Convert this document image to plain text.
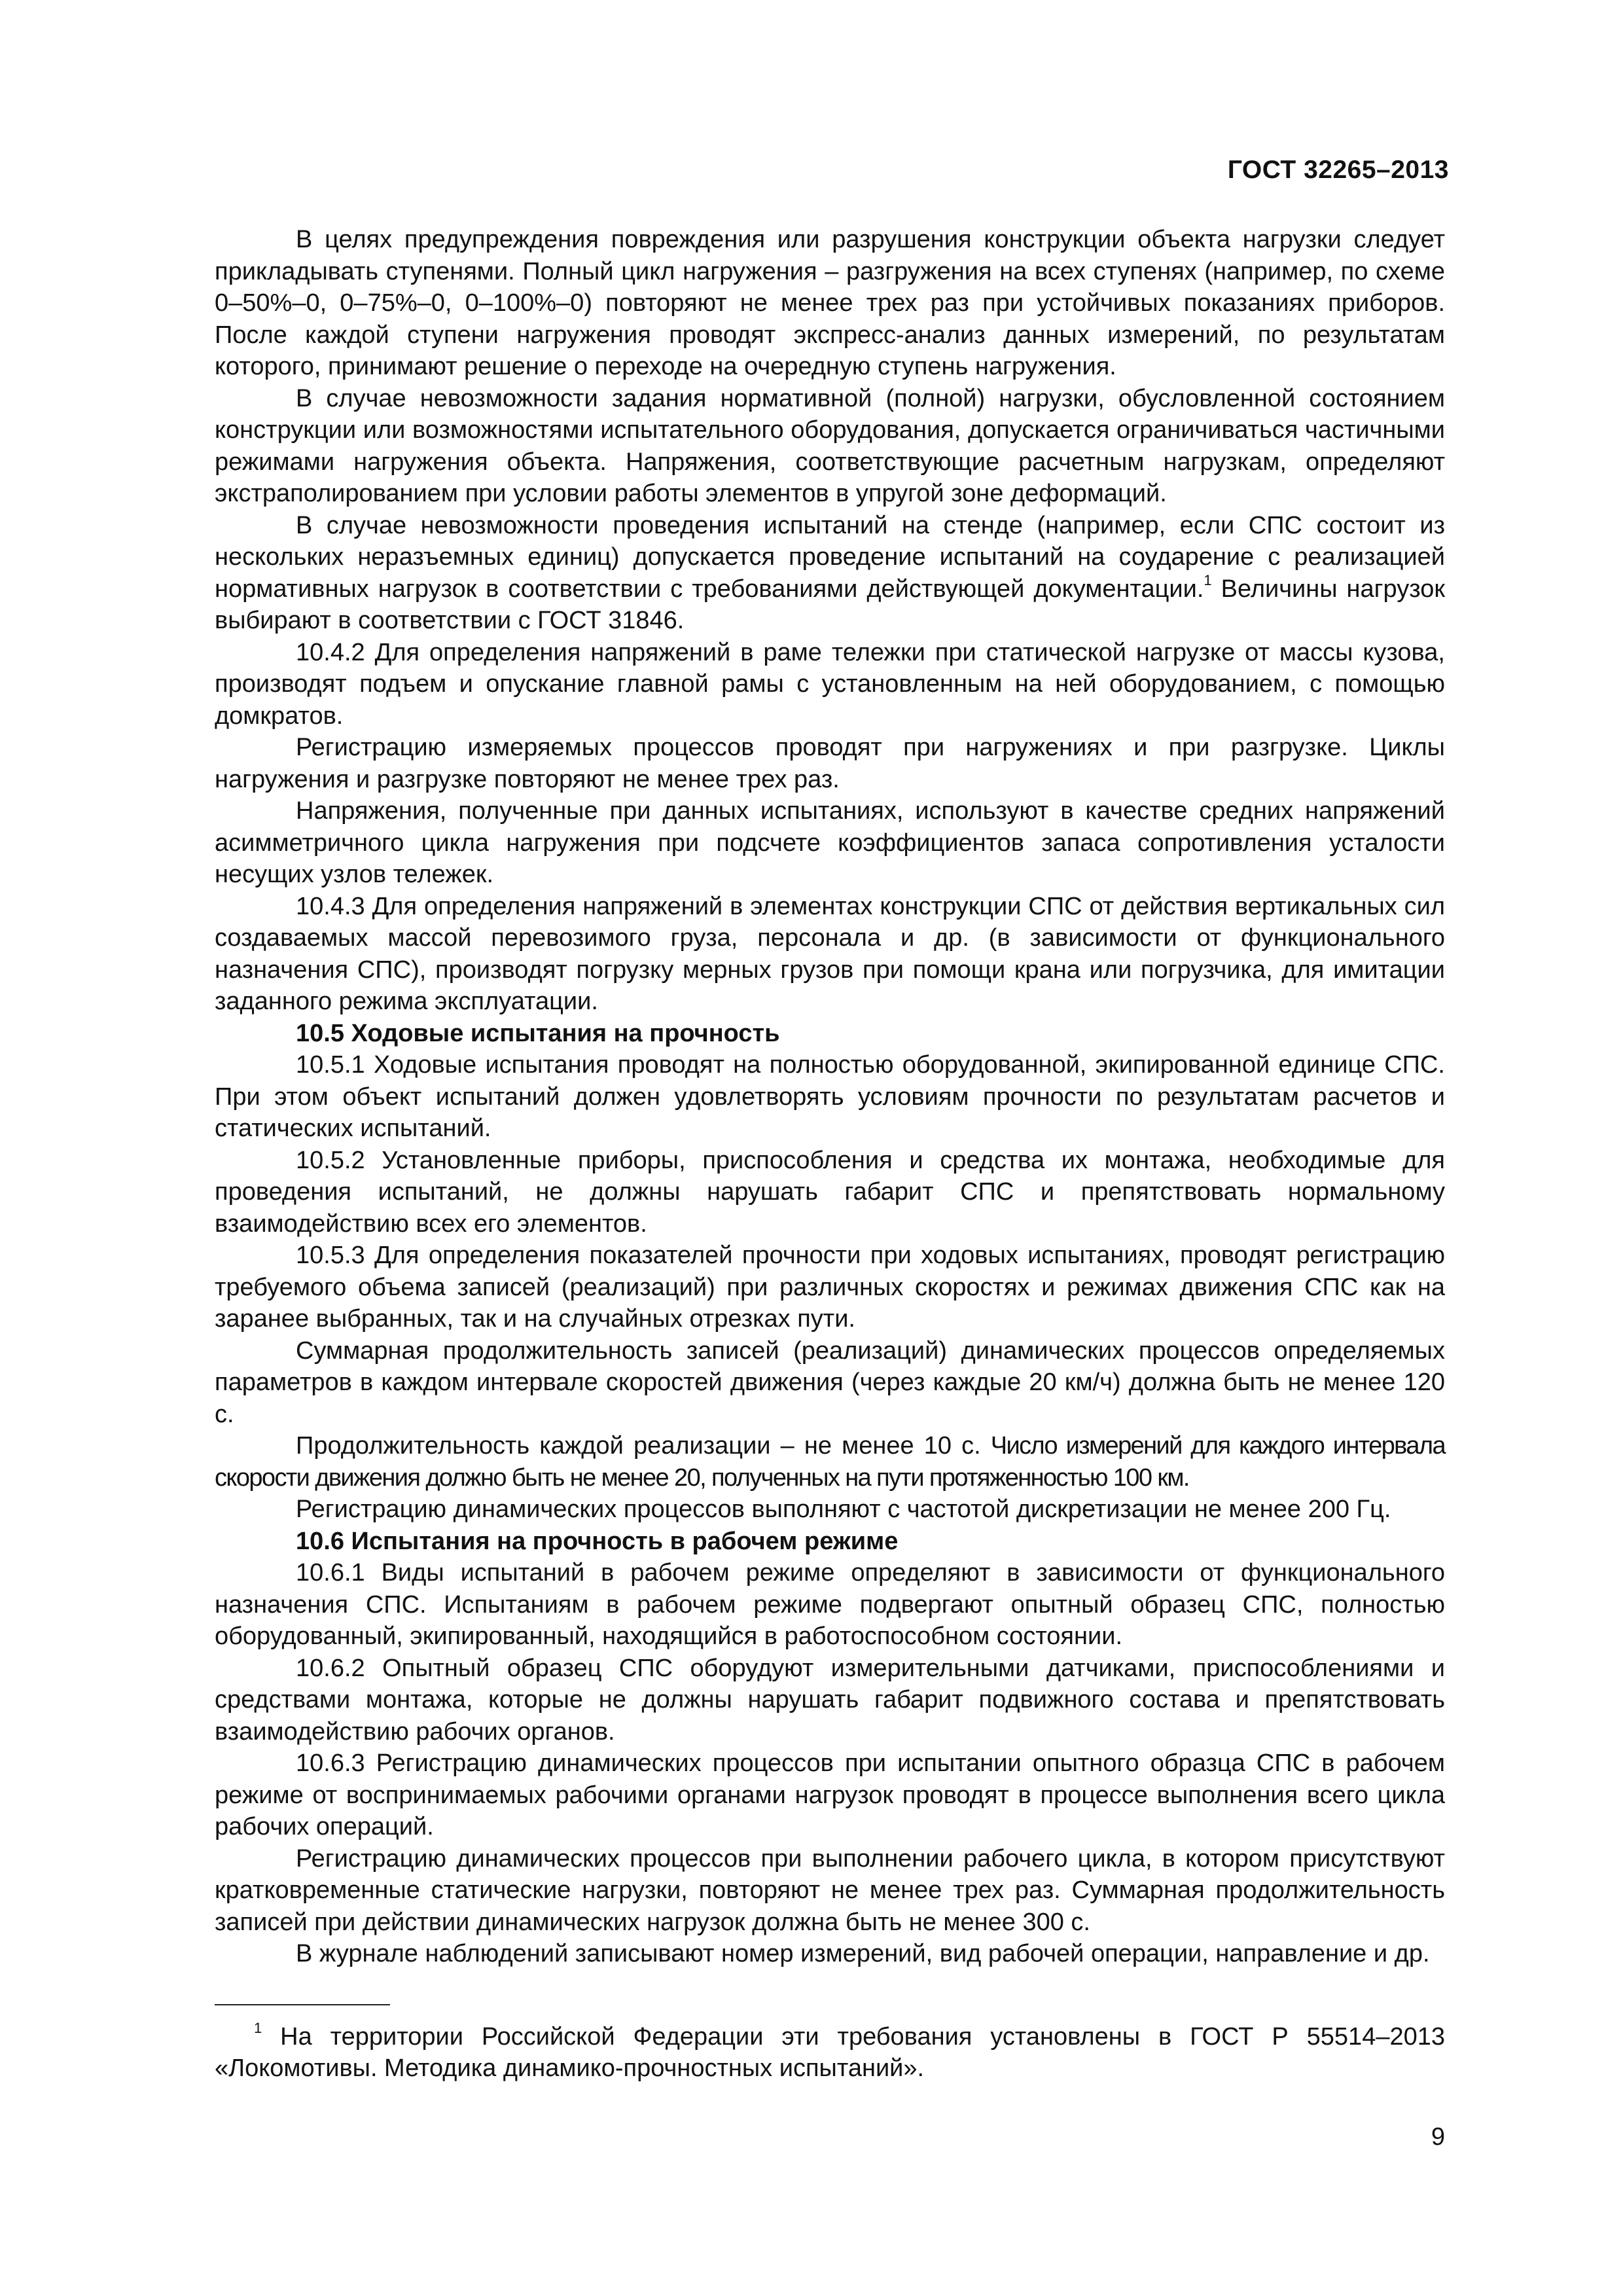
ГОСТ 32265–2013

В целях предупреждения повреждения или разрушения конструкции объекта нагрузки следует прикладывать ступенями. Полный цикл нагружения – разгружения на всех ступенях (например, по схеме 0–50%–0, 0–75%–0, 0–100%–0) повторяют не менее трех раз при устойчивых показаниях приборов. После каждой ступени нагружения проводят экспресс-анализ данных измерений, по результатам которого, принимают решение о переходе на очередную ступень нагружения.

В случае невозможности задания нормативной (полной) нагрузки, обусловленной состоянием конструкции или возможностями испытательного оборудования, допускается ограничиваться частичными режимами нагружения объекта. Напряжения, соответствующие расчетным нагрузкам, определяют экстраполированием при условии работы элементов в упругой зоне деформаций.

В случае невозможности проведения испытаний на стенде (например, если СПС состоит из нескольких неразъемных единиц) допускается проведение испытаний на соударение с реализацией нормативных нагрузок в соответствии с требованиями действующей документации.$^1$ Величины нагрузок выбирают в соответствии с ГОСТ 31846.

10.4.2 Для определения напряжений в раме тележки при статической нагрузке от массы кузова, производят подъем и опускание главной рамы с установленным на ней оборудованием, с помощью домкратов.

Регистрацию измеряемых процессов проводят при нагружениях и при разгрузке. Циклы нагружения и разгрузке повторяют не менее трех раз.

Напряжения, полученные при данных испытаниях, используют в качестве средних напряжений асимметричного цикла нагружения при подсчете коэффициентов запаса сопротивления усталости несущих узлов тележек.

10.4.3 Для определения напряжений в элементах конструкции СПС от действия вертикальных сил создаваемых массой перевозимого груза, персонала и др. (в зависимости от функционального назначения СПС), производят погрузку мерных грузов при помощи крана или погрузчика, для имитации заданного режима эксплуатации.

10.5 Ходовые испытания на прочность

10.5.1 Ходовые испытания проводят на полностью оборудованной, экипированной единице СПС. При этом объект испытаний должен удовлетворять условиям прочности по результатам расчетов и статических испытаний.

10.5.2 Установленные приборы, приспособления и средства их монтажа, необходимые для проведения испытаний, не должны нарушать габарит СПС и препятствовать нормальному взаимодействию всех его элементов.

10.5.3 Для определения показателей прочности при ходовых испытаниях, проводят регистрацию требуемого объема записей (реализаций) при различных скоростях и режимах движения СПС как на заранее выбранных, так и на случайных отрезках пути.

Суммарная продолжительность записей (реализаций) динамических процессов определяемых параметров в каждом интервале скоростей движения (через каждые 20 км/ч) должна быть не менее 120 с.

Продолжительность каждой реализации – не менее 10 с. Число измерений для каждого интервала скорости движения должно быть не менее 20, полученных на пути протяженностью 100 км.

Регистрацию динамических процессов выполняют с частотой дискретизации не менее 200 Гц.

10.6 Испытания на прочность в рабочем режиме

10.6.1 Виды испытаний в рабочем режиме определяют в зависимости от функционального назначения СПС. Испытаниям в рабочем режиме подвергают опытный образец СПС, полностью оборудованный, экипированный, находящийся в работоспособном состоянии.

10.6.2 Опытный образец СПС оборудуют измерительными датчиками, приспособлениями и средствами монтажа, которые не должны нарушать габарит подвижного состава и препятствовать взаимодействию рабочих органов.

10.6.3 Регистрацию динамических процессов при испытании опытного образца СПС в рабочем режиме от воспринимаемых рабочими органами нагрузок проводят в процессе выполнения всего цикла рабочих операций.

Регистрацию динамических процессов при выполнении рабочего цикла, в котором присутствуют кратковременные статические нагрузки, повторяют не менее трех раз. Суммарная продолжительность записей при действии динамических нагрузок должна быть не менее 300 с.

В журнале наблюдений записывают номер измерений, вид рабочей операции, направление и др.

$^1$ На территории Российской Федерации эти требования установлены в ГОСТ Р 55514–2013 «Локомотивы. Методика динамико-прочностных испытаний».
9
